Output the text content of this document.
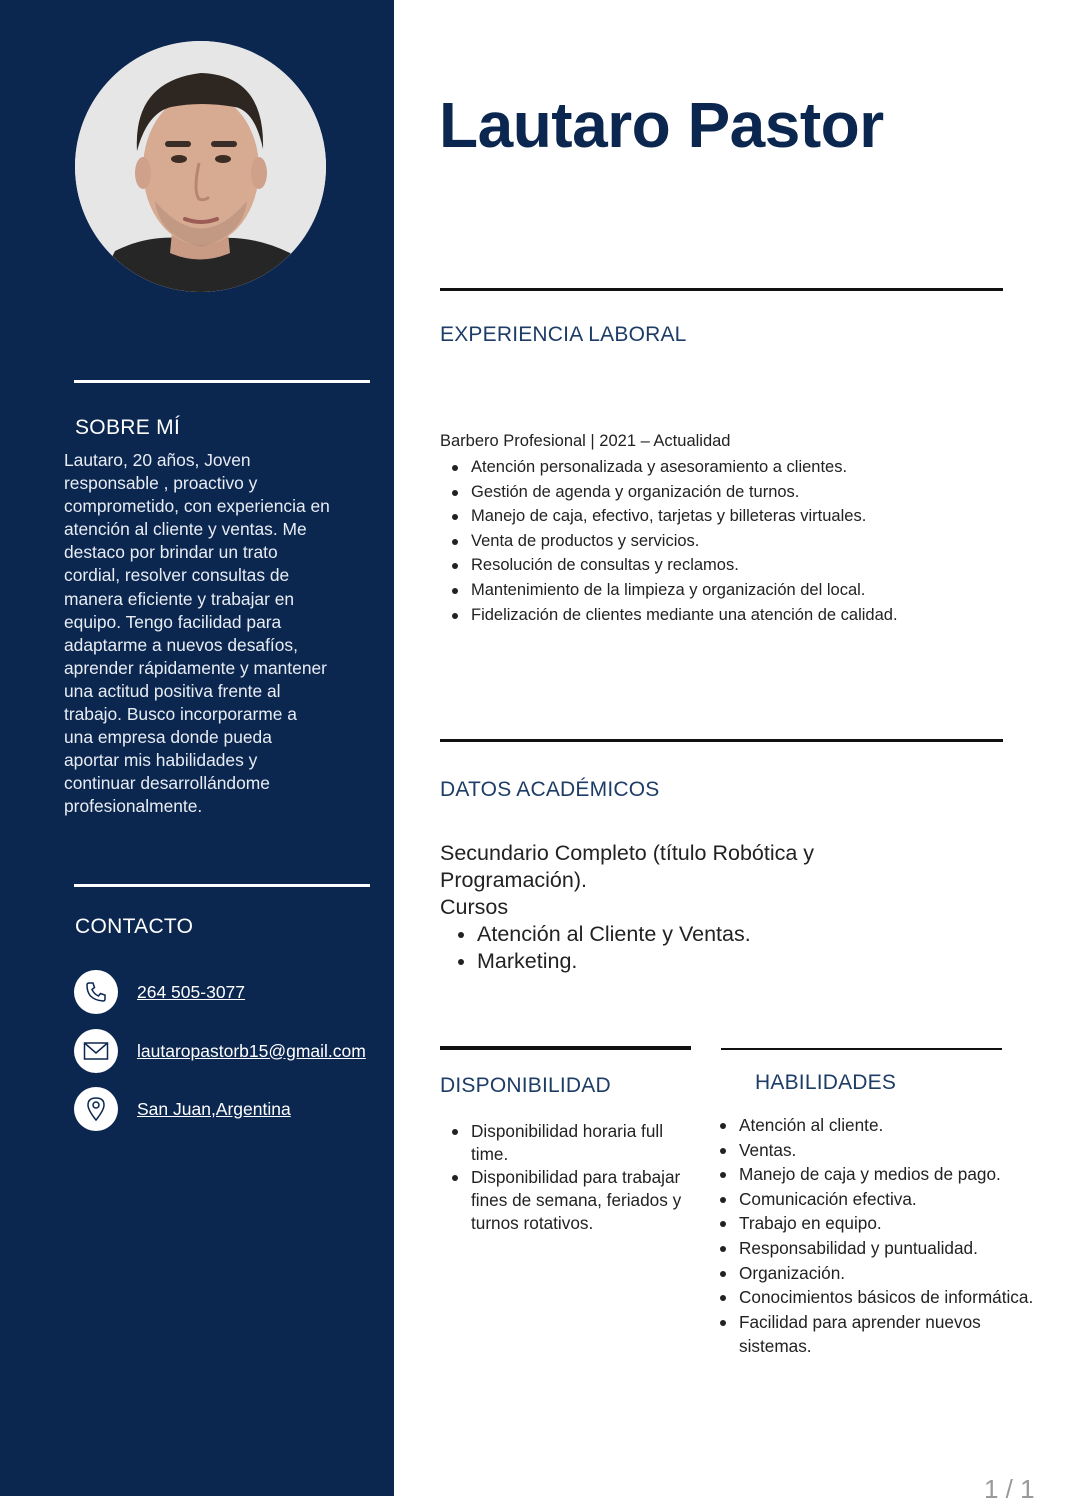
SOBRE MÍ

Lautaro, 20 años, Joven responsable , proactivo y comprometido, con experiencia en atención al cliente y ventas. Me destaco por brindar un trato cordial, resolver consultas de manera eficiente y trabajar en equipo. Tengo facilidad para adaptarme a nuevos desafíos, aprender rápidamente y mantener una actitud positiva frente al trabajo. Busco incorporarme a una empresa donde pueda aportar mis habilidades y continuar desarrollándome profesionalmente.

CONTACTO
264 505-3077
lautaropastorb15@gmail.com
San Juan,Argentina
Lautaro Pastor
EXPERIENCIA LABORAL
Barbero Profesional | 2021 – Actualidad
Atención personalizada y asesoramiento a clientes.
Gestión de agenda y organización de turnos.
Manejo de caja, efectivo, tarjetas y billeteras virtuales.
Venta de productos y servicios.
Resolución de consultas y reclamos.
Mantenimiento de la limpieza y organización del local.
Fidelización de clientes mediante una atención de calidad.
DATOS ACADÉMICOS

Secundario Completo (título Robótica y Programación).

Cursos

Atención al Cliente y Ventas.
Marketing.
DISPONIBILIDAD
Disponibilidad horaria full time.
Disponibilidad para trabajar fines de semana, feriados y turnos rotativos.
HABILIDADES
Atención al cliente.
Ventas.
Manejo de caja y medios de pago.
Comunicación efectiva.
Trabajo en equipo.
Responsabilidad y puntualidad.
Organización.
Conocimientos básicos de informática.
Facilidad para aprender nuevos sistemas.
1 / 1
